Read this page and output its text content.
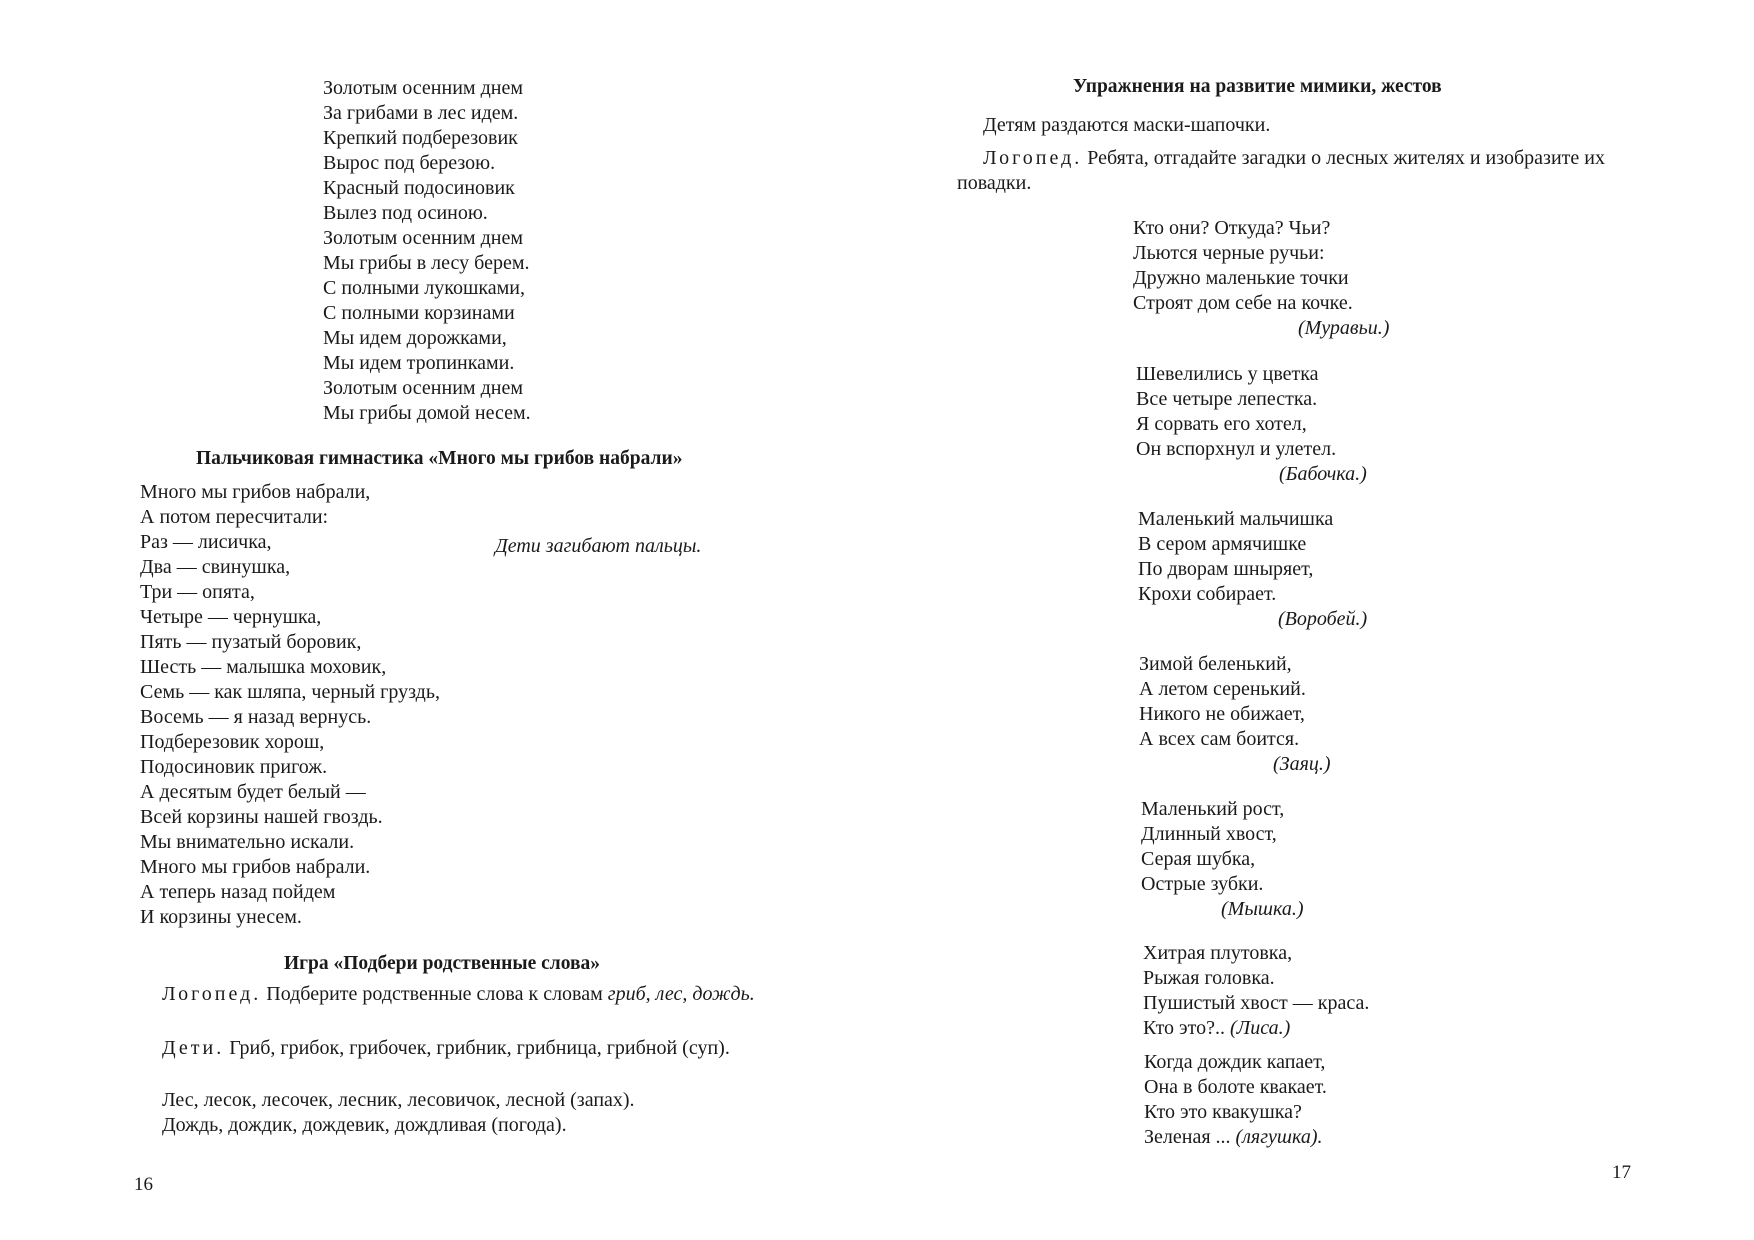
Золотым осенним днем
За грибами в лес идем.
Крепкий подберезовик
Вырос под березою.
Красный подосиновик
Вылез под осиною.
Золотым осенним днем
Мы грибы в лесу берем.
С полными лукошками,
С полными корзинами
Мы идем дорожками,
Мы идем тропинками.
Золотым осенним днем
Мы грибы домой несем.
Пальчиковая гимнастика «Много мы грибов набрали»
Дети загибают пальцы.
Много мы грибов набрали,
А потом пересчитали:
Раз — лисичка,
Два — свинушка,
Три — опята,
Четыре — чернушка,
Пять — пузатый боровик,
Шесть — малышка моховик,
Семь — как шляпа, черный груздь,
Восемь — я назад вернусь.
Подберезовик хорош,
Подосиновик пригож.
А десятым будет белый —
Всей корзины нашей гвоздь.
Мы внимательно искали.
Много мы грибов набрали.
А теперь назад пойдем
И корзины унесем.
Игра «Подбери родственные слова»
Логопед. Подберите родственные слова к словам гриб, лес, дождь.
Дети. Гриб, грибок, грибочек, грибник, грибница, грибной (суп).
Лес, лесок, лесочек, лесник, лесовичок, лесной (запах).
Дождь, дождик, дождевик, дождливая (погода).
16
Упражнения на развитие мимики, жестов
Детям раздаются маски-шапочки.
Логопед. Ребята, отгадайте загадки о лесных жителях и изобразите их повадки.
Кто они? Откуда? Чьи?
Льются черные ручьи:
Дружно маленькие точки
Строят дом себе на кочке.
(Муравьи.)
Шевелились у цветка
Все четыре лепестка.
Я сорвать его хотел,
Он вспорхнул и улетел.
(Бабочка.)
Маленький мальчишка
В сером армячишке
По дворам шныряет,
Крохи собирает.
(Воробей.)
Зимой беленький,
А летом серенький.
Никого не обижает,
А всех сам боится.
(Заяц.)
Маленький рост,
Длинный хвост,
Серая шубка,
Острые зубки.
(Мышка.)
Хитрая плутовка,
Рыжая головка.
Пушистый хвост — краса.
Кто это?.. (Лиса.)
Когда дождик капает,
Она в болоте квакает.
Кто это квакушка?
Зеленая ... (лягушка).
17
